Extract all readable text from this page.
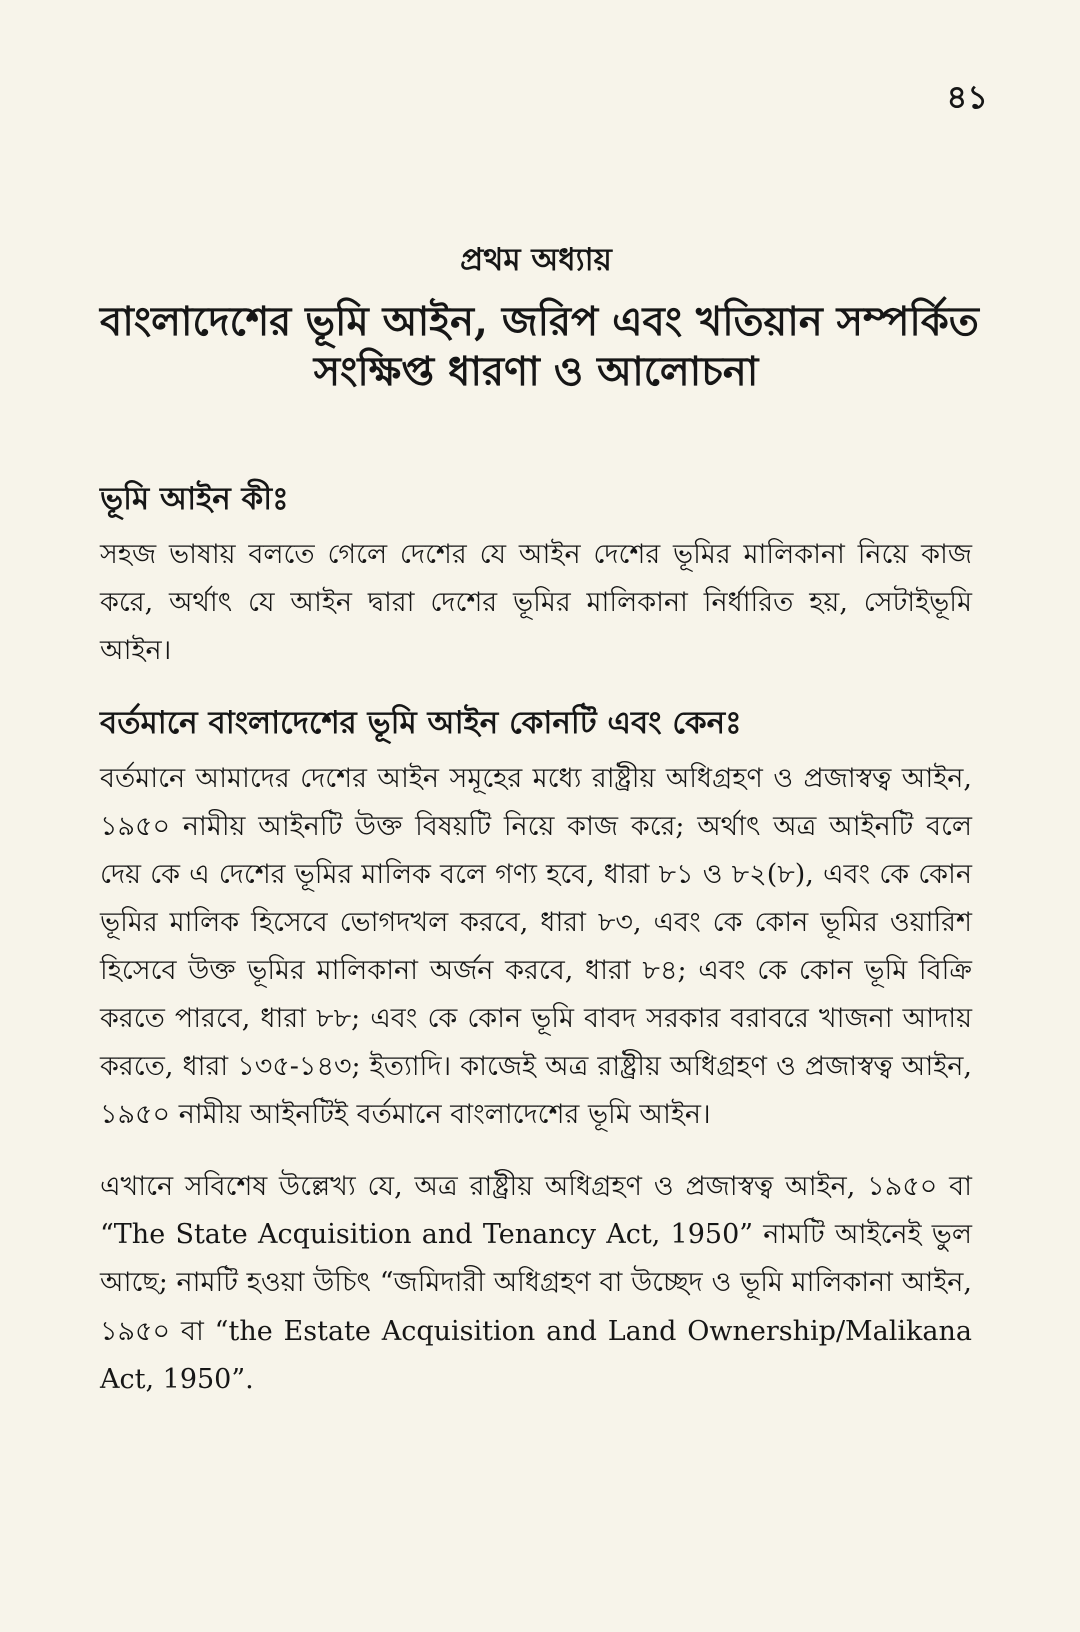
৪১
প্রথম অধ্যায়
বাংলাদেশের ভূমি আইন, জরিপ এবং খতিয়ান সম্পর্কিত
সংক্ষিপ্ত ধারণা ও আলোচনা
ভূমি আইন কীঃ
সহজ ভাষায় বলতে গেলে দেশের যে আইন দেশের ভূমির মালিকানা নিয়ে কাজ করে, অর্থাৎ যে আইন দ্বারা দেশের ভূমির মালিকানা নির্ধারিত হয়, সেটাইভূমি আইন।
বর্তমানে বাংলাদেশের ভূমি আইন কোনটি এবং কেনঃ
বর্তমানে আমাদের দেশের আইন সমূহের মধ্যে রাষ্ট্রীয় অধিগ্রহণ ও প্রজাস্বত্ব আইন, ১৯৫০ নামীয় আইনটি উক্ত বিষয়টি নিয়ে কাজ করে; অর্থাৎ অত্র আইনটি বলে দেয় কে এ দেশের ভূমির মালিক বলে গণ্য হবে, ধারা ৮১ ও ৮২(৮), এবং কে কোন ভূমির মালিক হিসেবে ভোগদখল করবে, ধারা ৮৩, এবং কে কোন ভূমির ওয়ারিশ হিসেবে উক্ত ভূমির মালিকানা অর্জন করবে, ধারা ৮৪; এবং কে কোন ভূমি বিক্রি করতে পারবে, ধারা ৮৮; এবং কে কোন ভূমি বাবদ সরকার বরাবরে খাজনা আদায় করতে, ধারা ১৩৫-১৪৩; ইত্যাদি। কাজেই অত্র রাষ্ট্রীয় অধিগ্রহণ ও প্রজাস্বত্ব আইন, ১৯৫০ নামীয় আইনটিই বর্তমানে বাংলাদেশের ভূমি আইন।
এখানে সবিশেষ উল্লেখ্য যে, অত্র রাষ্ট্রীয় অধিগ্রহণ ও প্রজাস্বত্ব আইন, ১৯৫০ বা “The State Acquisition and Tenancy Act, 1950” নামটি আইনেই ভুল আছে; নামটি হওয়া উচিৎ “জমিদারী অধিগ্রহণ বা উচ্ছেদ ও ভূমি মালিকানা আইন, ১৯৫০ বা “the Estate Acquisition and Land Ownership/Malikana Act, 1950”.
